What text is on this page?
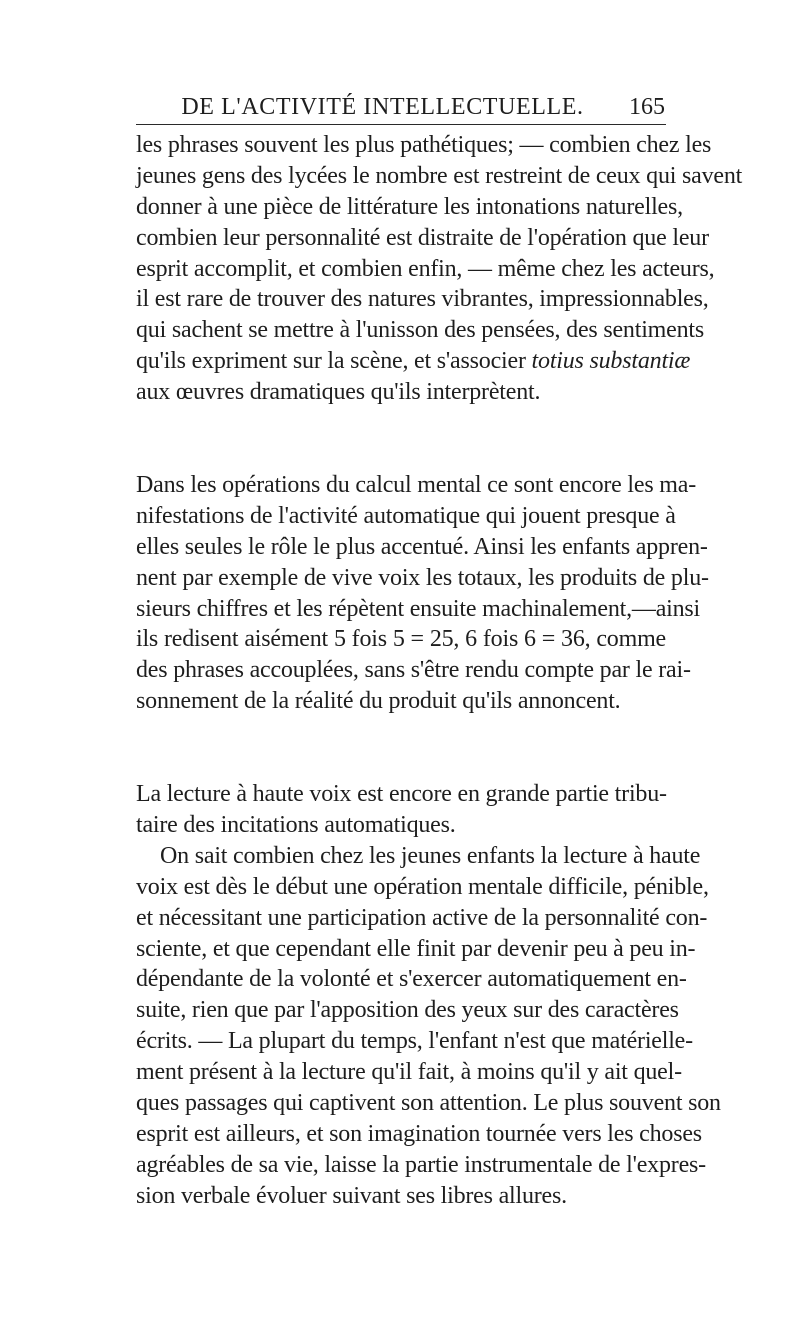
DE L'ACTIVITÉ INTELLECTUELLE.	165
les phrases souvent les plus pathétiques; — combien chez les
jeunes gens des lycées le nombre est restreint de ceux qui savent
donner à une pièce de littérature les intonations naturelles,
combien leur personnalité est distraite de l'opération que leur
esprit accomplit, et combien enfin, — même chez les acteurs,
il est rare de trouver des natures vibrantes, impressionnables,
qui sachent se mettre à l'unisson des pensées, des sentiments
qu'ils expriment sur la scène, et s'associer totius substantiæ
aux œuvres dramatiques qu'ils interprètent.
Dans les opérations du calcul mental ce sont encore les ma-
nifestations de l'activité automatique qui jouent presque à
elles seules le rôle le plus accentué. Ainsi les enfants appren-
nent par exemple de vive voix les totaux, les produits de plu-
sieurs chiffres et les répètent ensuite machinalement,—ainsi
ils redisent aisément 5 fois 5 = 25, 6 fois 6 = 36, comme
des phrases accouplées, sans s'être rendu compte par le rai-
sonnement de la réalité du produit qu'ils annoncent.
La lecture à haute voix est encore en grande partie tribu-
taire des incitations automatiques.
On sait combien chez les jeunes enfants la lecture à haute
voix est dès le début une opération mentale difficile, pénible,
et nécessitant une participation active de la personnalité con-
sciente, et que cependant elle finit par devenir peu à peu in-
dépendante de la volonté et s'exercer automatiquement en-
suite, rien que par l'apposition des yeux sur des caractères
écrits. — La plupart du temps, l'enfant n'est que matérielle-
ment présent à la lecture qu'il fait, à moins qu'il y ait quel-
ques passages qui captivent son attention. Le plus souvent son
esprit est ailleurs, et son imagination tournée vers les choses
agréables de sa vie, laisse la partie instrumentale de l'expres-
sion verbale évoluer suivant ses libres allures.
